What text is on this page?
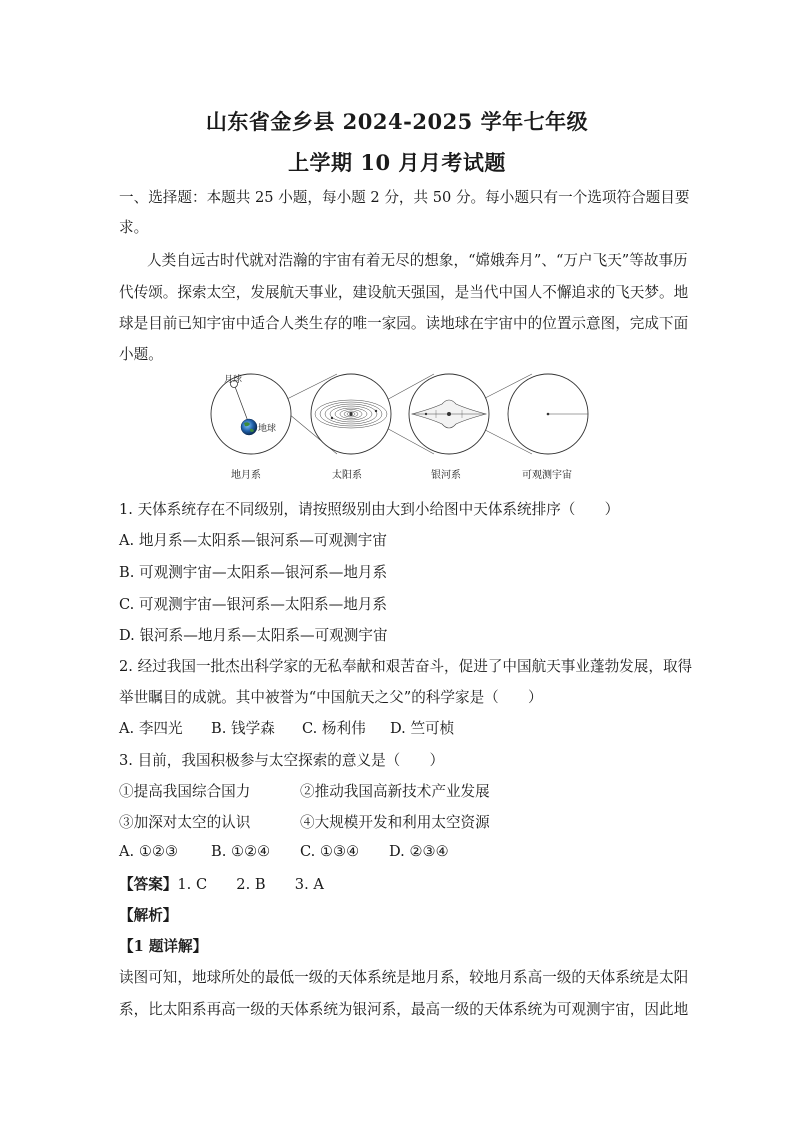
山东省金乡县 2024-2025 学年七年级
上学期 10 月月考试题
一、选择题：本题共 25 小题，每小题 2 分，共 50 分。每小题只有一个选项符合题目要
求。
人类自远古时代就对浩瀚的宇宙有着无尽的想象，“嫦娥奔月”、“万户飞天”等故事历
代传颂。探索太空，发展航天事业，建设航天强国，是当代中国人不懈追求的飞天梦。地
球是目前已知宇宙中适合人类生存的唯一家园。读地球在宇宙中的位置示意图，完成下面
小题。
月球
地球
地月系	太阳系	银河系	可观测宇宙
1. 天体系统存在不同级别，请按照级别由大到小给图中天体系统排序（　　）
A. 地月系—太阳系—银河系—可观测宇宙
B. 可观测宇宙—太阳系—银河系—地月系
C. 可观测宇宙—银河系—太阳系—地月系
D. 银河系—地月系—太阳系—可观测宇宙
2. 经过我国一批杰出科学家的无私奉献和艰苦奋斗，促进了中国航天事业蓬勃发展，取得
举世瞩目的成就。其中被誉为“中国航天之父”的科学家是（　　）
A. 李四光 B. 钱学森 C. 杨利伟 D. 竺可桢
3. 目前，我国积极参与太空探索的意义是（　　）
①提高我国综合国力	②推动我国高新技术产业发展
③加深对太空的认识	④大规模开发和利用太空资源
A. ①②③ B. ①②④ C. ①③④ D. ②③④
【答案】1. C　　2. B　　3. A
【解析】
【1 题详解】
读图可知，地球所处的最低一级的天体系统是地月系，较地月系高一级的天体系统是太阳
系，比太阳系再高一级的天体系统为银河系，最高一级的天体系统为可观测宇宙，因此地
